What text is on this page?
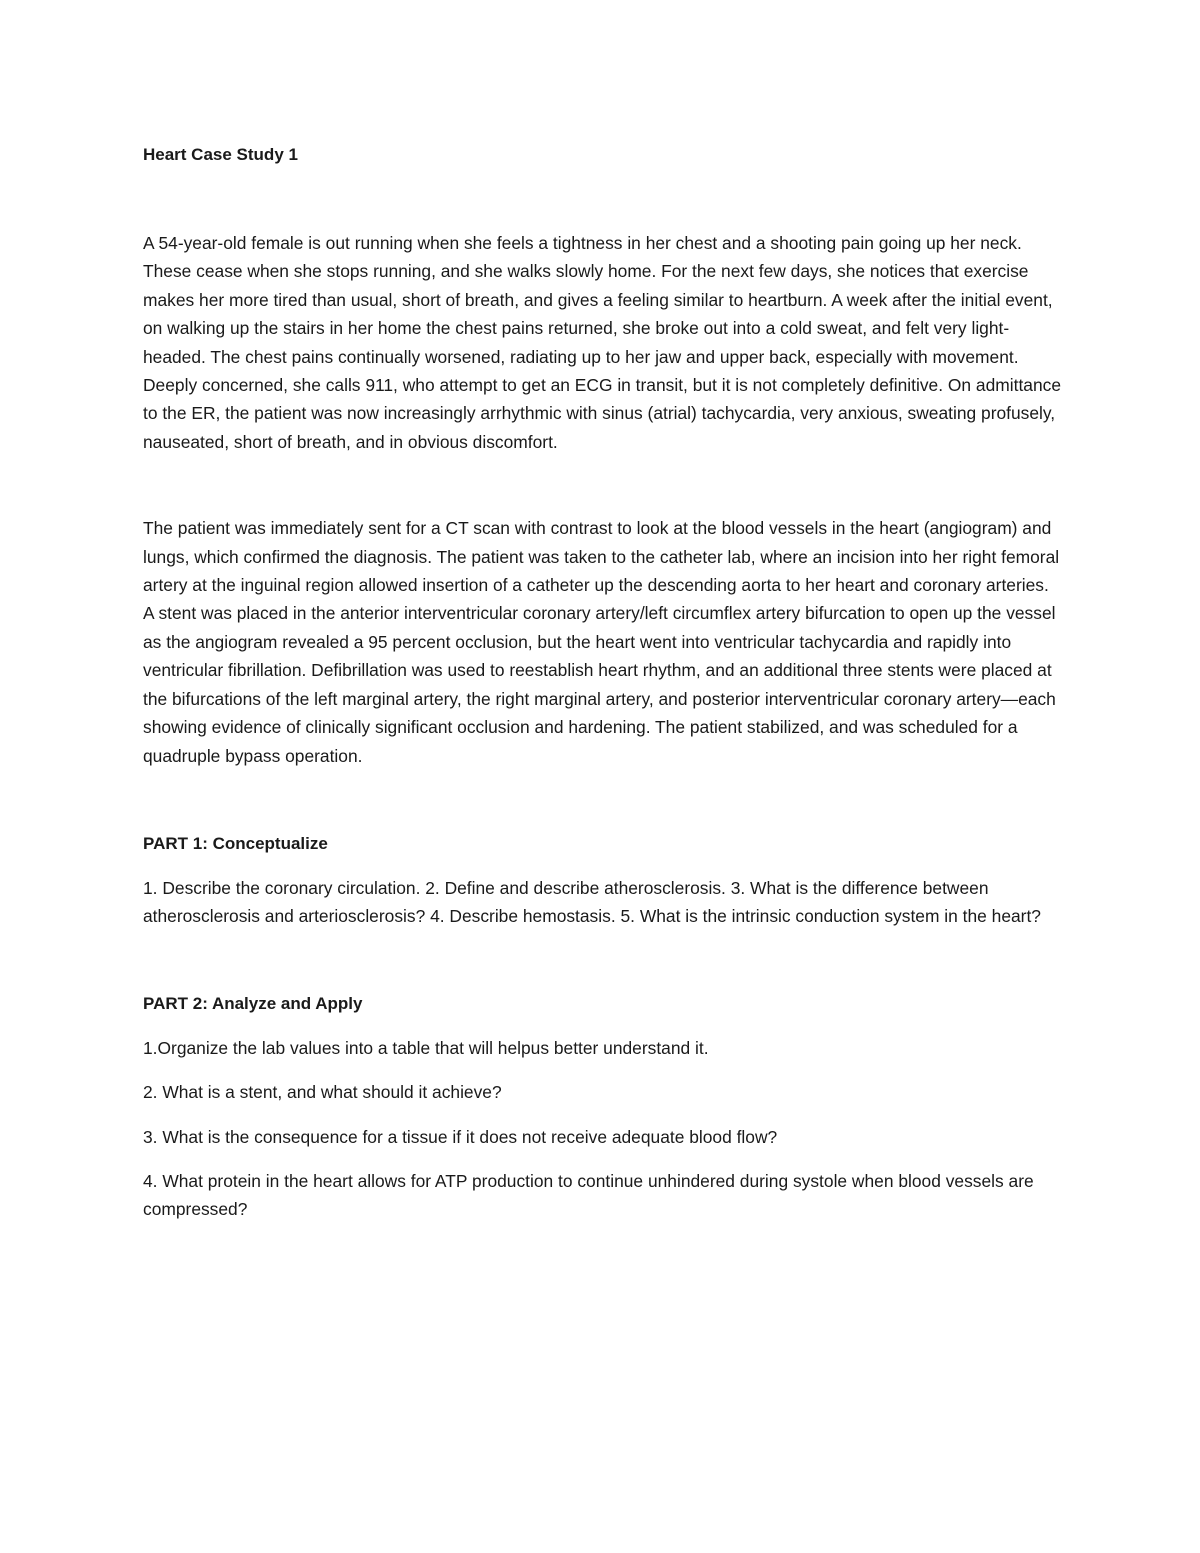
Heart Case Study 1

A 54-year-old female is out running when she feels a tightness in her chest and a shooting pain going up her neck. These cease when she stops running, and she walks slowly home. For the next few days, she notices that exercise makes her more tired than usual, short of breath, and gives a feeling similar to heartburn. A week after the initial event, on walking up the stairs in her home the chest pains returned, she broke out into a cold sweat, and felt very light-headed. The chest pains continually worsened, radiating up to her jaw and upper back, especially with movement. Deeply concerned, she calls 911, who attempt to get an ECG in transit, but it is not completely definitive. On admittance to the ER, the patient was now increasingly arrhythmic with sinus (atrial) tachycardia, very anxious, sweating profusely, nauseated, short of breath, and in obvious discomfort.

The patient was immediately sent for a CT scan with contrast to look at the blood vessels in the heart (angiogram) and lungs, which confirmed the diagnosis. The patient was taken to the catheter lab, where an incision into her right femoral artery at the inguinal region allowed insertion of a catheter up the descending aorta to her heart and coronary arteries. A stent was placed in the anterior interventricular coronary artery/left circumflex artery bifurcation to open up the vessel as the angiogram revealed a 95 percent occlusion, but the heart went into ventricular tachycardia and rapidly into ventricular fibrillation. Defibrillation was used to reestablish heart rhythm, and an additional three stents were placed at the bifurcations of the left marginal artery, the right marginal artery, and posterior interventricular coronary artery—each showing evidence of clinically significant occlusion and hardening. The patient stabilized, and was scheduled for a quadruple bypass operation.

PART 1: Conceptualize

1. Describe the coronary circulation. 2. Define and describe atherosclerosis. 3. What is the difference between atherosclerosis and arteriosclerosis? 4. Describe hemostasis. 5. What is the intrinsic conduction system in the heart?

PART 2: Analyze and Apply

1.Organize the lab values into a table that will helpus better understand it.

2. What is a stent, and what should it achieve?

3. What is the consequence for a tissue if it does not receive adequate blood flow?

4. What protein in the heart allows for ATP production to continue unhindered during systole when blood vessels are compressed?
